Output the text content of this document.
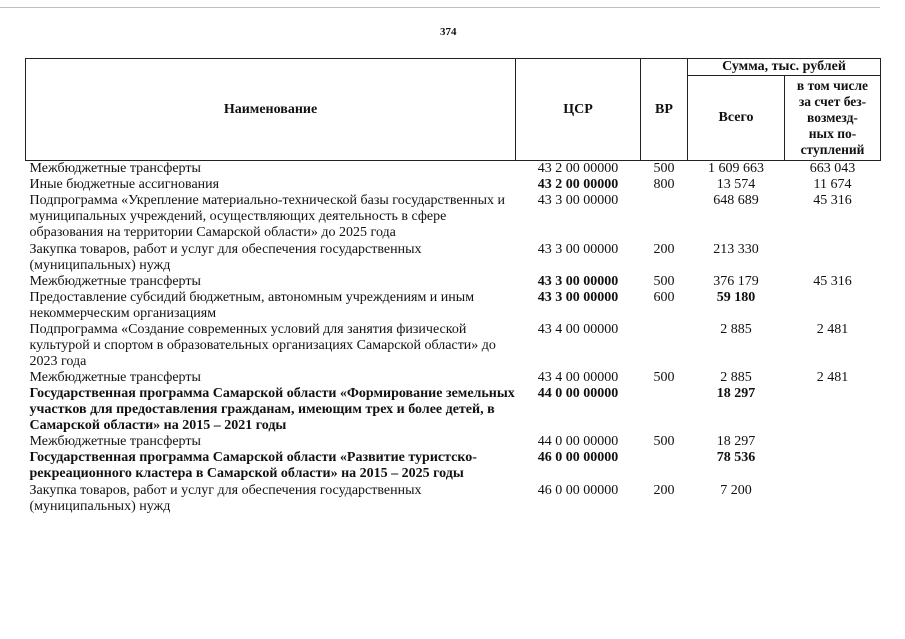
374
Наименование	ЦСР	ВР	Сумма, тыс. рублей	
			Всего	в том числе
за счет без-
возмезд-
ных по-
ступлений
Межбюджетные трансферты	43 2 00 00000	500	1 609 663	663 043
Иные бюджетные ассигнования	43 2 00 00000	800	13 574	11 674
Подпрограмма «Укрепление материально-технической базы государственных и муниципальных учреждений, осуществляющих деятельность в сфере образования на территории Самарской области» до 2025 года	43 3 00 00000		648 689	45 316
Закупка товаров, работ и услуг для обеспечения государственных (муниципальных) нужд	43 3 00 00000	200	213 330	
Межбюджетные трансферты	43 3 00 00000	500	376 179	45 316
Предоставление субсидий бюджетным, автономным учреждениям и иным некоммерческим организациям	43 3 00 00000	600	59 180	
Подпрограмма «Создание современных условий для занятия физической культурой и спортом в образовательных организациях Самарской области» до 2023 года	43 4 00 00000		2 885	2 481
Межбюджетные трансферты	43 4 00 00000	500	2 885	2 481
Государственная программа Самарской области «Формирование земельных участков для предоставления гражданам, имеющим трех и более детей, в Самарской области» на 2015 – 2021 годы	44 0 00 00000		18 297	
Межбюджетные трансферты	44 0 00 00000	500	18 297	
Государственная программа Самарской области «Развитие туристско-рекреационного кластера в Самарской области» на 2015 – 2025 годы	46 0 00 00000		78 536	
Закупка товаров, работ и услуг для обеспечения государственных (муниципальных) нужд	46 0 00 00000	200	7 200	
